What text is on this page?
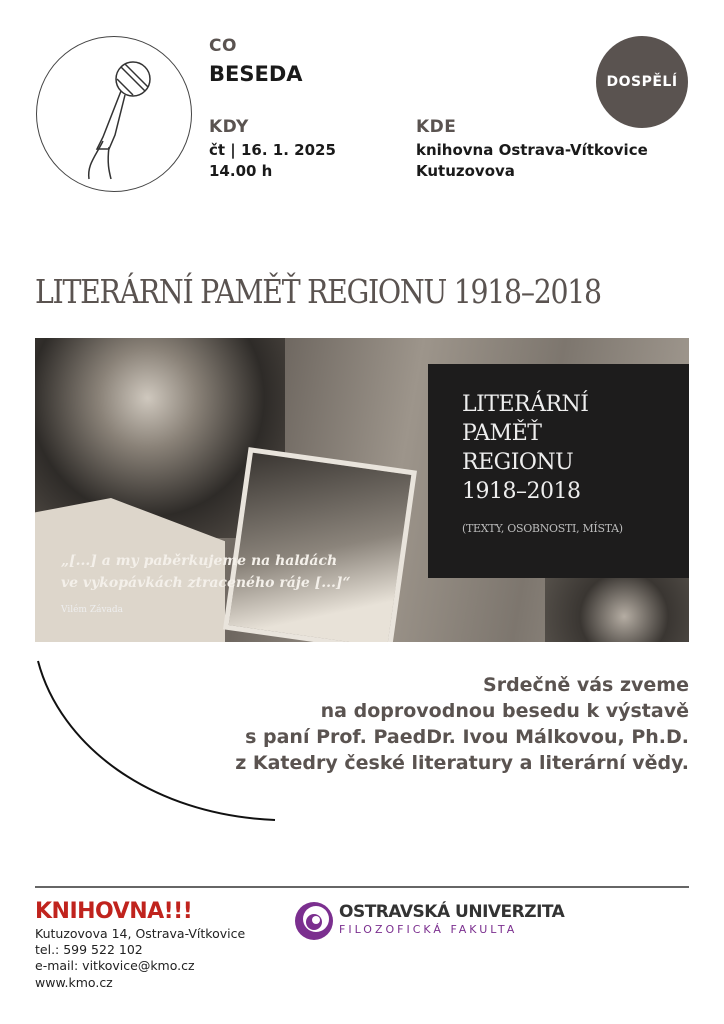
CO
BESEDA
KDY
čt | 16. 1. 2025
14.00 h
KDE
knihovna Ostrava-Vítkovice
Kutuzovova
DOSPĚLÍ
LITERÁRNÍ PAMĚŤ REGIONU 1918–2018
LITERÁRNÍ
PAMĚŤ
REGIONU
1918–2018
(TEXTY, OSOBNOSTI, MÍSTA)
„[...] a my paběrkujeme na haldách
ve vykopávkách ztraceného ráje [...]“
Vilém Závada
Srdečně vás zveme
na doprovodnou besedu k výstavě
s paní Prof. PaedDr. Ivou Málkovou, Ph.D.
z Katedry české literatury a literární vědy.
KNIHOVNA!!!
Kutuzovova 14, Ostrava-Vítkovice
tel.: 599 522 102
e-mail: vitkovice@kmo.cz
www.kmo.cz
OSTRAVSKÁ UNIVERZITA
FILOZOFICKÁ FAKULTA
